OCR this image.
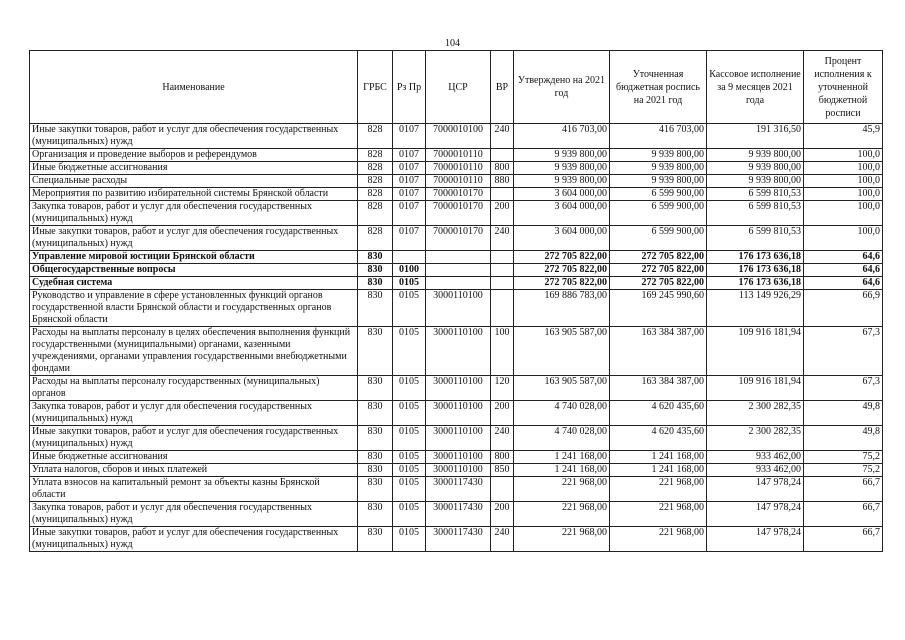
104
Наименование	ГРБС	Рз Пр	ЦСР	ВР	Утверждено на 2021 год	Уточненная бюджетная роспись на 2021 год	Кассовое исполнение за 9 месяцев 2021 года	Процент исполнения к уточненной бюджетной росписи
Иные закупки товаров, работ и услуг для обеспечения государственных (муниципальных) нужд	828	0107	7000010100	240	416 703,00	416 703,00	191 316,50	45,9
Организация и проведение выборов и референдумов	828	0107	7000010110		9 939 800,00	9 939 800,00	9 939 800,00	100,0
Иные бюджетные ассигнования	828	0107	7000010110	800	9 939 800,00	9 939 800,00	9 939 800,00	100,0
Специальные расходы	828	0107	7000010110	880	9 939 800,00	9 939 800,00	9 939 800,00	100,0
Мероприятия по развитию избирательной системы Брянской области	828	0107	7000010170		3 604 000,00	6 599 900,00	6 599 810,53	100,0
Закупка товаров, работ и услуг для обеспечения государственных (муниципальных) нужд	828	0107	7000010170	200	3 604 000,00	6 599 900,00	6 599 810,53	100,0
Иные закупки товаров, работ и услуг для обеспечения государственных (муниципальных) нужд	828	0107	7000010170	240	3 604 000,00	6 599 900,00	6 599 810,53	100,0
Управление мировой юстиции Брянской области	830				272 705 822,00	272 705 822,00	176 173 636,18	64,6
Общегосударственные вопросы	830	0100			272 705 822,00	272 705 822,00	176 173 636,18	64,6
Судебная система	830	0105			272 705 822,00	272 705 822,00	176 173 636,18	64,6
Руководство и управление в сфере установленных функций органов государственной власти Брянской области и государственных органов Брянской области	830	0105	3000110100		169 886 783,00	169 245 990,60	113 149 926,29	66,9
Расходы на выплаты персоналу в целях обеспечения выполнения функций государственными (муниципальными) органами, казенными учреждениями, органами управления государственными внебюджетными фондами	830	0105	3000110100	100	163 905 587,00	163 384 387,00	109 916 181,94	67,3
Расходы на выплаты персоналу государственных (муниципальных) органов	830	0105	3000110100	120	163 905 587,00	163 384 387,00	109 916 181,94	67,3
Закупка товаров, работ и услуг для обеспечения государственных (муниципальных) нужд	830	0105	3000110100	200	4 740 028,00	4 620 435,60	2 300 282,35	49,8
Иные закупки товаров, работ и услуг для обеспечения государственных (муниципальных) нужд	830	0105	3000110100	240	4 740 028,00	4 620 435,60	2 300 282,35	49,8
Иные бюджетные ассигнования	830	0105	3000110100	800	1 241 168,00	1 241 168,00	933 462,00	75,2
Уплата налогов, сборов и иных платежей	830	0105	3000110100	850	1 241 168,00	1 241 168,00	933 462,00	75,2
Уплата взносов на капитальный ремонт за объекты казны Брянской области	830	0105	3000117430		221 968,00	221 968,00	147 978,24	66,7
Закупка товаров, работ и услуг для обеспечения государственных (муниципальных) нужд	830	0105	3000117430	200	221 968,00	221 968,00	147 978,24	66,7
Иные закупки товаров, работ и услуг для обеспечения государственных (муниципальных) нужд	830	0105	3000117430	240	221 968,00	221 968,00	147 978,24	66,7
